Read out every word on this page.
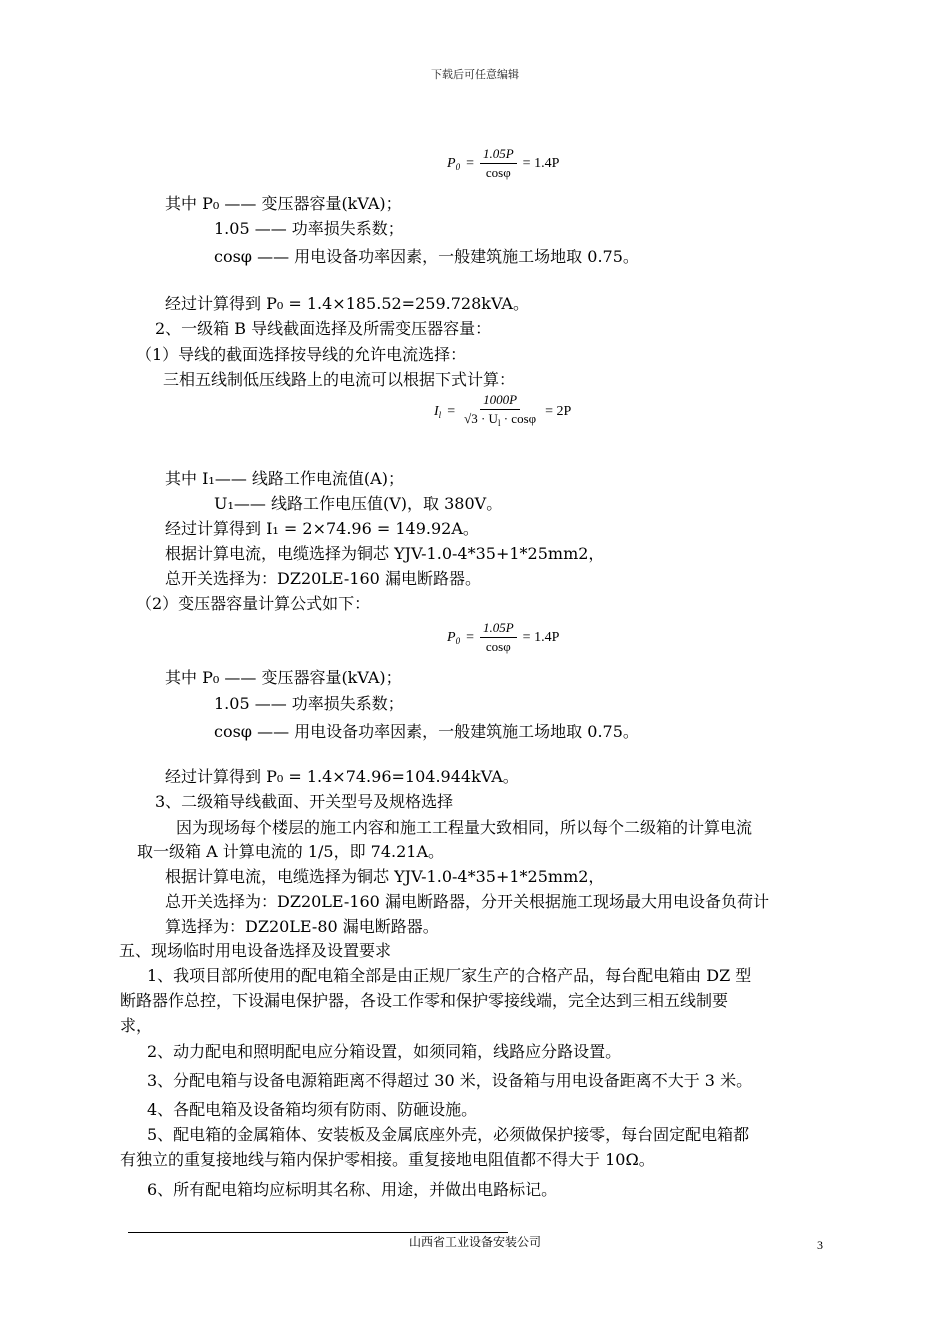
下载后可任意编辑
$P_0 = \frac{1.05P}{\cos\varphi} = 1.4P$
其中 P₀ —— 变压器容量(kVA)；
1.05 —— 功率损失系数；
cosφ —— 用电设备功率因素，一般建筑施工场地取 0.75。
经过计算得到 P₀ = 1.4×185.52=259.728kVA。
2、一级箱 B 导线截面选择及所需变压器容量：
（1）导线的截面选择按导线的允许电流选择：
三相五线制低压线路上的电流可以根据下式计算：
$I_l = \frac{1000P}{√3 \cdot U_l \cdot \cos\varphi} = 2P$
其中 I₁—— 线路工作电流值(A)；
U₁—— 线路工作电压值(V)，取 380V。
经过计算得到 I₁ = 2×74.96 = 149.92A。
根据计算电流，电缆选择为铜芯 YJV-1.0-4*35+1*25mm2，
总开关选择为：DZ20LE-160 漏电断路器。
（2）变压器容量计算公式如下：
$P_0 = \frac{1.05P}{\cos\varphi} = 1.4P$
其中 P₀ —— 变压器容量(kVA)；
1.05 —— 功率损失系数；
cosφ —— 用电设备功率因素，一般建筑施工场地取 0.75。
经过计算得到 P₀ = 1.4×74.96=104.944kVA。
3、二级箱导线截面、开关型号及规格选择
因为现场每个楼层的施工内容和施工工程量大致相同，所以每个二级箱的计算电流
取一级箱 A 计算电流的 1/5，即 74.21A。
根据计算电流，电缆选择为铜芯 YJV-1.0-4*35+1*25mm2，
总开关选择为：DZ20LE-160 漏电断路器，分开关根据施工现场最大用电设备负荷计
算选择为：DZ20LE-80 漏电断路器。
五、现场临时用电设备选择及设置要求
1、我项目部所使用的配电箱全部是由正规厂家生产的合格产品，每台配电箱由 DZ 型
断路器作总控，下设漏电保护器，各设工作零和保护零接线端，完全达到三相五线制要
求，
2、动力配电和照明配电应分箱设置，如须同箱，线路应分路设置。
3、分配电箱与设备电源箱距离不得超过 30 米，设备箱与用电设备距离不大于 3 米。
4、各配电箱及设备箱均须有防雨、防砸设施。
5、配电箱的金属箱体、安装板及金属底座外壳，必须做保护接零，每台固定配电箱都
有独立的重复接地线与箱内保护零相接。重复接地电阻值都不得大于 10Ω。
6、所有配电箱均应标明其名称、用途，并做出电路标记。
山西省工业设备安装公司	3
